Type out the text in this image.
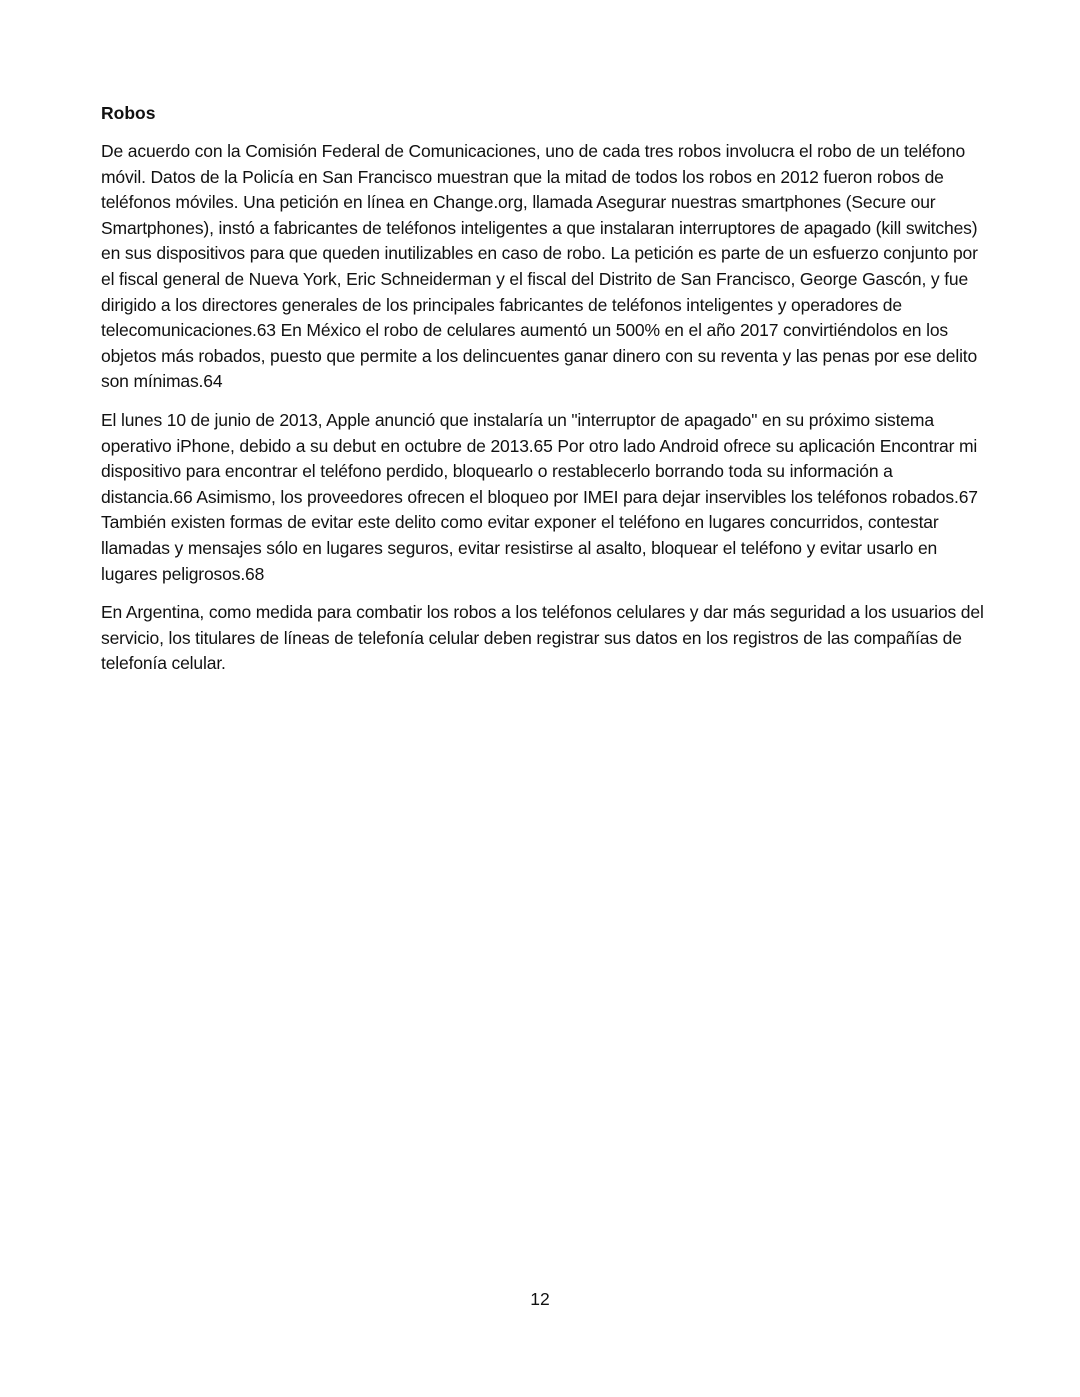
Robos

De acuerdo con la Comisión Federal de Comunicaciones, uno de cada tres robos involucra el robo de un teléfono móvil. Datos de la Policía en San Francisco muestran que la mitad de todos los robos en 2012 fueron robos de teléfonos móviles. Una petición en línea en Change.org, llamada Asegurar nuestras smartphones (Secure our Smartphones), instó a fabricantes de teléfonos inteligentes a que instalaran interruptores de apagado (kill switches) en sus dispositivos para que queden inutilizables en caso de robo. La petición es parte de un esfuerzo conjunto por el fiscal general de Nueva York, Eric Schneiderman y el fiscal del Distrito de San Francisco, George Gascón, y fue dirigido a los directores generales de los principales fabricantes de teléfonos inteligentes y operadores de telecomunicaciones.63 En México el robo de celulares aumentó un 500% en el año 2017 convirtiéndolos en los objetos más robados, puesto que permite a los delincuentes ganar dinero con su reventa y las penas por ese delito son mínimas.64

El lunes 10 de junio de 2013, Apple anunció que instalaría un "interruptor de apagado" en su próximo sistema operativo iPhone, debido a su debut en octubre de 2013.65 Por otro lado Android ofrece su aplicación Encontrar mi dispositivo para encontrar el teléfono perdido, bloquearlo o restablecerlo borrando toda su información a distancia.66 Asimismo, los proveedores ofrecen el bloqueo por IMEI para dejar inservibles los teléfonos robados.67 También existen formas de evitar este delito como evitar exponer el teléfono en lugares concurridos, contestar llamadas y mensajes sólo en lugares seguros, evitar resistirse al asalto, bloquear el teléfono y evitar usarlo en lugares peligrosos.68

En Argentina, como medida para combatir los robos a los teléfonos celulares y dar más seguridad a los usuarios del servicio, los titulares de líneas de telefonía celular deben registrar sus datos en los registros de las compañías de telefonía celular.

12
